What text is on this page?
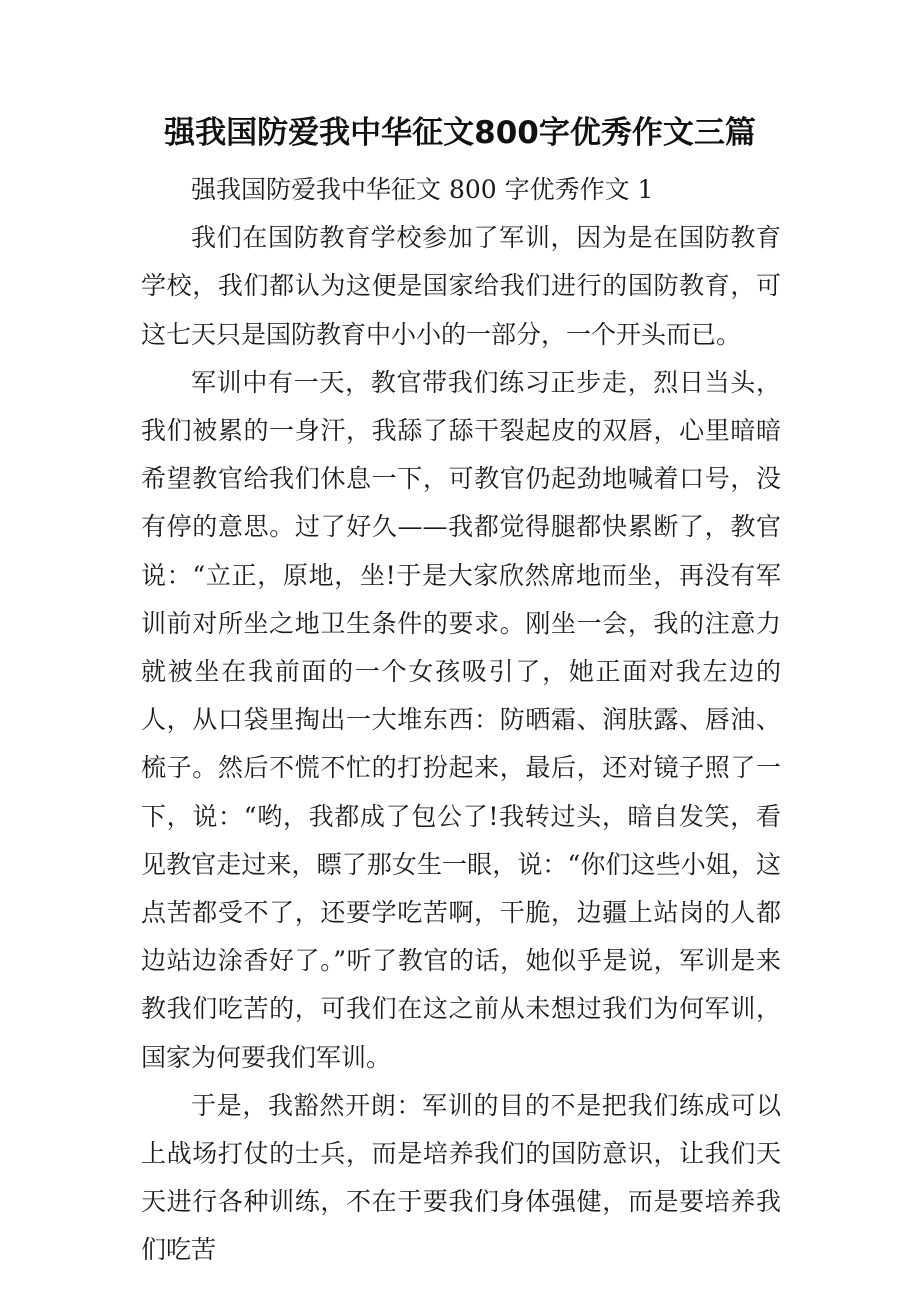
强我国防爱我中华征文800字优秀作文三篇

强我国防爱我中华征文 800 字优秀作文 1

我们在国防教育学校参加了军训，因为是在国防教育学校，我们都认为这便是国家给我们进行的国防教育，可这七天只是国防教育中小小的一部分，一个开头而已。

军训中有一天，教官带我们练习正步走，烈日当头，我们被累的一身汗，我舔了舔干裂起皮的双唇，心里暗暗希望教官给我们休息一下，可教官仍起劲地喊着口号，没有停的意思。过了好久——我都觉得腿都快累断了，教官说：“立正，原地，坐!于是大家欣然席地而坐，再没有军训前对所坐之地卫生条件的要求。刚坐一会，我的注意力就被坐在我前面的一个女孩吸引了，她正面对我左边的人，从口袋里掏出一大堆东西：防晒霜、润肤露、唇油、梳子。然后不慌不忙的打扮起来，最后，还对镜子照了一下，说：“哟，我都成了包公了!我转过头，暗自发笑，看见教官走过来，瞟了那女生一眼，说：“你们这些小姐，这点苦都受不了，还要学吃苦啊，干脆，边疆上站岗的人都边站边涂香好了。”听了教官的话，她似乎是说，军训是来教我们吃苦的，可我们在这之前从未想过我们为何军训，国家为何要我们军训。

于是，我豁然开朗：军训的目的不是把我们练成可以上战场打仗的士兵，而是培养我们的国防意识，让我们天天进行各种训练，不在于要我们身体强健，而是要培养我们吃苦
